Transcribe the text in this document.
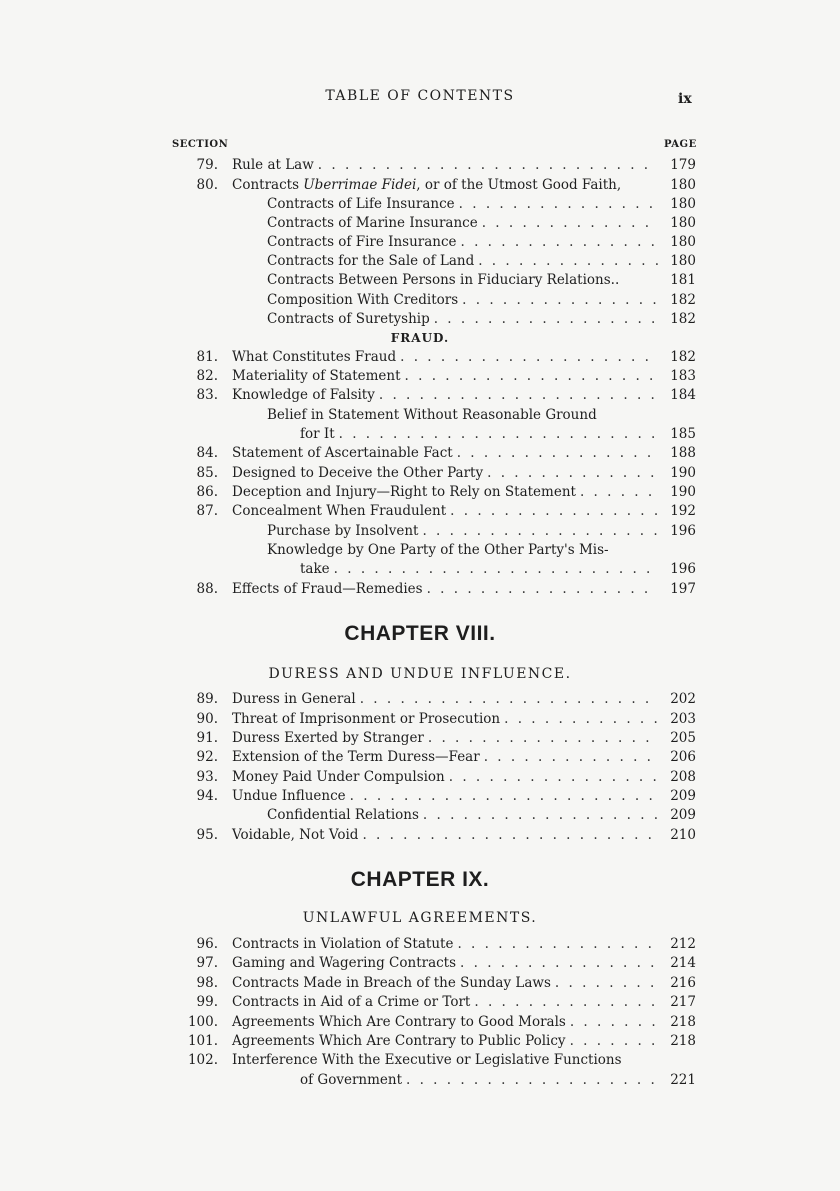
TABLE OF CONTENTS	ix
SECTION	PAGE
79. Rule at Law . . .	179
80. Contracts Uberrimae Fidei, or of the Utmost Good Faith,	180
Contracts of Life Insurance . . .	180
Contracts of Marine Insurance . . .	180
Contracts of Fire Insurance . . .	180
Contracts for the Sale of Land . . .	180
Contracts Between Persons in Fiduciary Relations..	181
Composition With Creditors . . .	182
Contracts of Suretyship . . .	182
FRAUD.
81. What Constitutes Fraud . . .	182
82. Materiality of Statement . . .	183
83. Knowledge of Falsity . . .	184
Belief in Statement Without Reasonable Ground
for It . . .	185
84. Statement of Ascertainable Fact . . .	188
85. Designed to Deceive the Other Party . . .	190
86. Deception and Injury—Right to Rely on Statement . . .	190
87. Concealment When Fraudulent . . .	192
Purchase by Insolvent . . .	196
Knowledge by One Party of the Other Party's Mis-
take . . .	196
88. Effects of Fraud—Remedies . . .	197
CHAPTER VIII.
DURESS AND UNDUE INFLUENCE.
89. Duress in General . . .	202
90. Threat of Imprisonment or Prosecution . . .	203
91. Duress Exerted by Stranger . . .	205
92. Extension of the Term Duress—Fear . . .	206
93. Money Paid Under Compulsion . . .	208
94. Undue Influence . . .	209
Confidential Relations . . .	209
95. Voidable, Not Void . . .	210
CHAPTER IX.
UNLAWFUL AGREEMENTS.
96. Contracts in Violation of Statute . . .	212
97. Gaming and Wagering Contracts . . .	214
98. Contracts Made in Breach of the Sunday Laws . . .	216
99. Contracts in Aid of a Crime or Tort . . .	217
100. Agreements Which Are Contrary to Good Morals . . .	218
101. Agreements Which Are Contrary to Public Policy . . .	218
102. Interference With the Executive or Legislative Functions
of Government . . .	221
